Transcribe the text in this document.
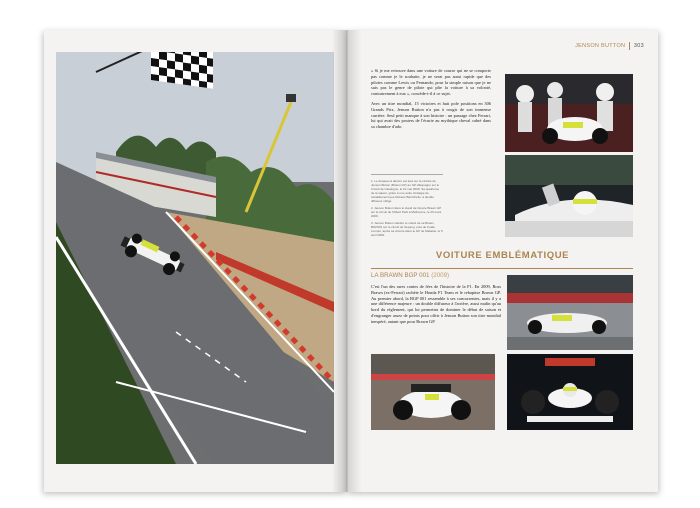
JENSON BUTTON 303

« Si je me retrouve dans une voiture de course qui ne se comporte pas comme je le souhaite, je ne serai pas aussi rapide que des pilotes comme Lewis ou Fernando, pour la simple raison que je ne suis pas le genre de pilote qui plie la voiture à sa volonté, contrairement à eux », concède-t-il à ce sujet.

Avec un titre mondial, 15 victoires et huit pole positions en 306 Grands Prix, Jenson Button n'a pas à rougir de son immense carrière. Seul petit manque à son histoire : un passage chez Ferrari, lui qui avait des posters de l'écurie au mythique cheval cabré dans sa chambre d'ado.

1. Le drapeau à damier est levé sur la victoire de Jenson Button (Brawn GP) au GP d'Espagne sur le Circuit de Catalogne, le 10 mai 2009. Sa quatrième de la saison, grâce à une autre stratégie de ravitaillement que Rubens Barrichello, à double diffuseur oblige.

2. Jenson Button dans le stand de l'écurie Brawn GP sur le circuit de l'Albert Park à Melbourne, le 29 mars 2009.

3. Jenson Button célèbre le volant de sa Brawn BGP001 sur le circuit de Sepang, près de Kuala Lumpur, après sa victoire dans le GP de Malaisie, le 5 avril 2009.

VOITURE EMBLÉMATIQUE
LA BRAWN BGP 001 (2009)

C'est l'un des rares contes de fées de l'histoire de la F1. En 2009, Ross Brawn (ex-Ferrari) rachète le Honda F1 Team et le rebaptise Brawn GP. Au premier abord, la BGP 001 ressemble à ses concurrentes, mais il y a une différence majeure : un double diffuseur à l'arrière, aussi malin qu'au bord du règlement, qui lui permettra de dominer le début de saison et d'engranger assez de points pour offrir à Jenson Button son titre mondial inespéré, autant que pour Brawn GP.
